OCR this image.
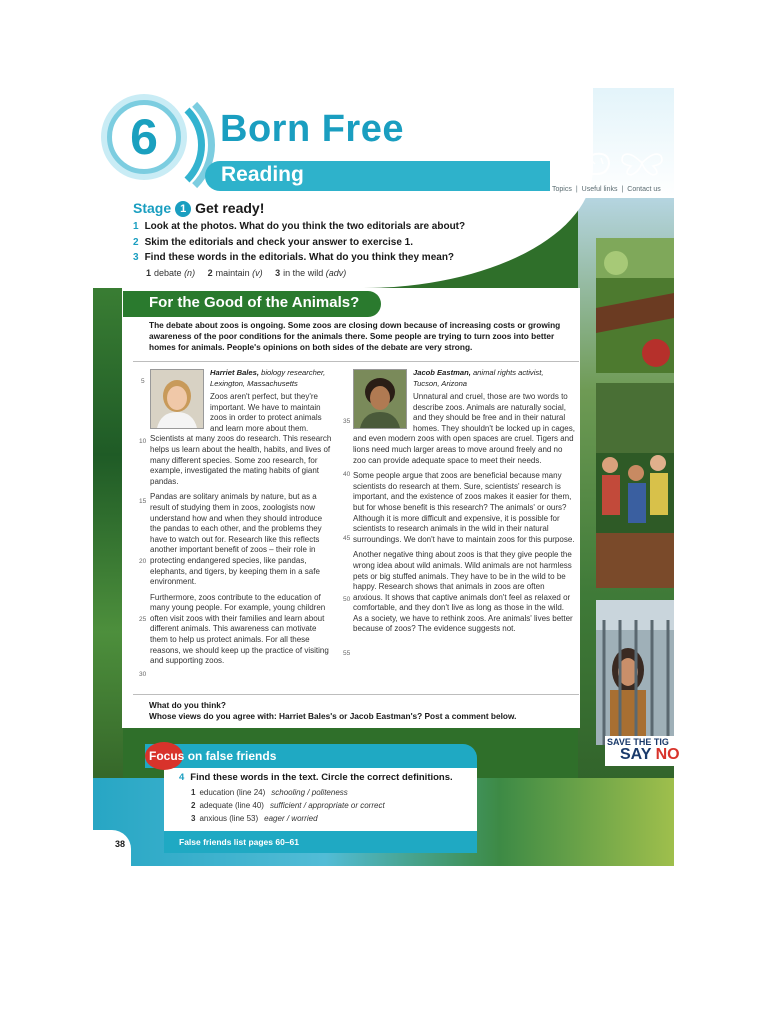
SAVE THE TIG
SAY NO
6	Born Free
Reading
Topics | Useful links | Contact us
Stage 1 Get ready!
1 Look at the photos. What do you think the two editorials are about?
2 Skim the editorials and check your answer to exercise 1.
3 Find these words in the editorials. What do you think they mean?
1 debate (n) 2 maintain (v) 3 in the wild (adv)
For the Good of the Animals?
The debate about zoos is ongoing. Some zoos are closing down because of increasing costs or growing awareness of the poor conditions for the animals there. Some people are trying to turn zoos into better homes for animals. People's opinions on both sides of the debate are very strong.
Harriet Bales, biology researcher,
Lexington, Massachusetts

Zoos aren't perfect, but they're important. We have to maintain zoos in order to protect animals and learn more about them. Scientists at many zoos do research. This research helps us learn about the health, habits, and lives of many different species. Some zoo research, for example, investigated the mating habits of giant pandas.

Pandas are solitary animals by nature, but as a result of studying them in zoos, zoologists now understand how and when they should introduce the pandas to each other, and the problems they have to watch out for. Research like this reflects another important benefit of zoos – their role in protecting endangered species, like pandas, elephants, and tigers, by keeping them in a safe environment.

Furthermore, zoos contribute to the education of many young people. For example, young children often visit zoos with their families and learn about different animals. This awareness can motivate them to help us protect animals. For all these reasons, we should keep up the practice of visiting and supporting zoos.

Jacob Eastman, animal rights activist,
Tucson, Arizona

Unnatural and cruel, those are two words to describe zoos. Animals are naturally social, and they should be free and in their natural homes. They shouldn't be locked up in cages, and even modern zoos with open spaces are cruel. Tigers and lions need much larger areas to move around freely and no zoo can provide adequate space to meet their needs.

Some people argue that zoos are beneficial because many scientists do research at them. Sure, scientists' research is important, and the existence of zoos makes it easier for them, but for whose benefit is this research? The animals' or ours? Although it is more difficult and expensive, it is possible for scientists to research animals in the wild in their natural surroundings. We don't have to maintain zoos for this purpose.

Another negative thing about zoos is that they give people the wrong idea about wild animals. Wild animals are not harmless pets or big stuffed animals. They have to be in the wild to be happy. Research shows that animals in zoos are often anxious. It shows that captive animals don't feel as relaxed or comfortable, and they don't live as long as those in the wild. As a society, we have to rethink zoos. Are animals' lives better because of zoos? The evidence suggests not.

5
10
15
20
25
30
35
40
45
50
55
What do you think?
Whose views do you agree with: Harriet Bales's or Jacob Eastman's? Post a comment below.
Focus on false friends
4 Find these words in the text. Circle the correct definitions.
1 education (line 24) schooling / politeness
2 adequate (line 40) sufficient / appropriate or correct
3 anxious (line 53) eager / worried
False friends list pages 60–61
38
